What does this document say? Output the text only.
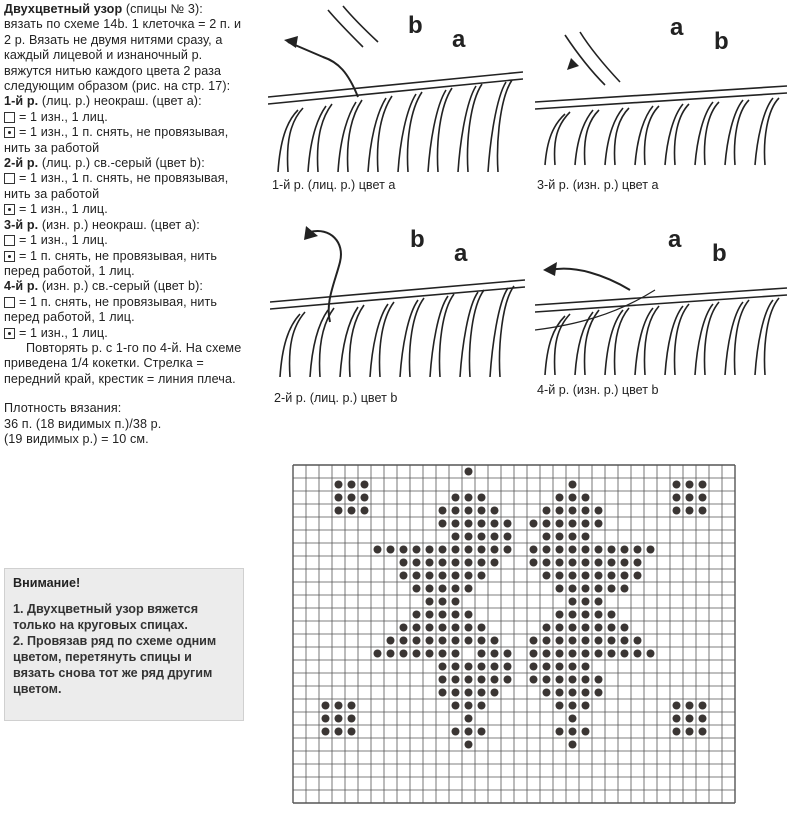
Двухцветный узор (спицы № 3):

вязать по схеме 14b. 1 клеточка = 2 п. и 2 р. Вязать не двумя нитями сразу, а каждый лицевой и изнаночный р. вяжутся нитью каждого цвета 2 раза следующим образом (рис. на стр. 17):

1-й р. (лиц. р.) неокраш. (цвет a):

= 1 изн., 1 лиц.

= 1 изн., 1 п. снять, не провязывая, нить за работой

2-й р. (лиц. р.) св.-серый (цвет b):

= 1 изн., 1 п. снять, не провязывая, нить за работой

= 1 изн., 1 лиц.

3-й р. (изн. р.) неокраш. (цвет a):

= 1 изн., 1 лиц.

= 1 п. снять, не провязывая, нить перед работой, 1 лиц.

4-й р. (изн. р.) св.-серый (цвет b):

= 1 п. снять, не провязывая, нить перед работой, 1 лиц.

= 1 изн., 1 лиц.

Повторять р. с 1-го по 4-й. На схеме приведена 1/4 кокетки. Стрелка = передний край, крестик = линия плеча.

Плотность вязания:

36 п. (18 видимых п.)/38 р.

(19 видимых р.) = 10 см.

Внимание!

1. Двухцветный узор вяжется только на круговых спицах.

2. Провязав ряд по схеме одним цветом, перетянуть спицы и вязать снова тот же ряд другим цветом.

b
a
1-й р. (лиц. р.) цвет a
a
b
3-й р. (изн. р.) цвет a
b
a
2-й р. (лиц. р.) цвет b
a
b
4-й р. (изн. р.) цвет b
